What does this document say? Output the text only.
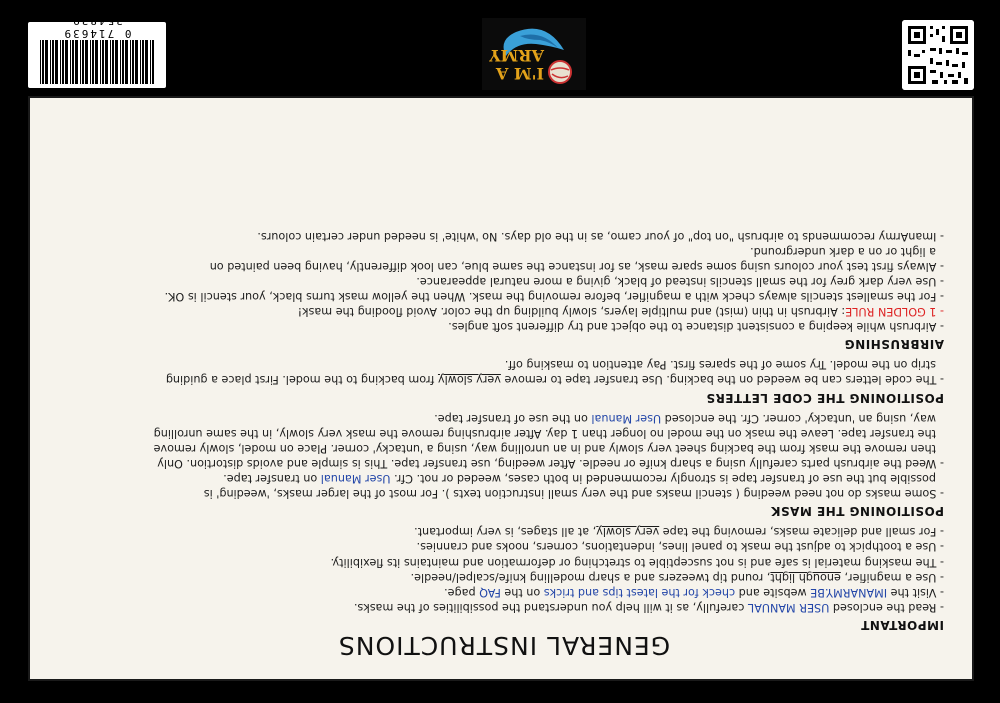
0 714639 354839
I'M A
ARMY
GENERAL INSTRUCTIONS
IMPORTANT

- Read the enclosed USER MANUAL carefully, as it will help you understand the possibilities of the masks.

- Visit the IMANARMY.BE website and check for the latest tips and tricks on the FAQ page.

- Use a magnifier, enough light, round tip tweezers and a sharp modelling knife/scalpel/needle.

- The masking material is safe and is not susceptible to stretching or deformation and maintains its flexibility.

- Use a toothpick to adjust the mask to panel lines, indentations, corners, nooks and crannies.

- For small and delicate masks, removing the tape very slowly, at all stages, is very important.

POSITIONING THE MASK

- Some masks do not need weeding ( stencil masks and the very small instruction texts ). For most of the larger masks, 'weeding' is

possible but the use of transfer tape is strongly recommended in both cases, weeded or not. Cfr. User Manual on transfer tape.

- Weed the airbrush parts carefully using a sharp knife or needle. After weeding, use transfer tape. This is simple and avoids distortion. Only

then remove the mask from the backing sheet very slowly and in an unrolling way, using a 'untacky' corner. Place on model, slowly remove

the transfer tape. Leave the mask on the model no longer than 1 day. After airbrushing remove the mask very slowly, in the same unrolling

way, using an 'untacky' corner. Cfr. the enclosed User Manual on the use of transfer tape.

POSITIONING THE CODE LETTERS

- The code letters can be weeded on the backing. Use transfer tape to remove very slowly from backing to the model. First place a guiding

strip on the model. Try some of the spares first. Pay attention to masking off.

AIRBRUSHING

- Airbrush while keeping a consistent distance to the object and try different soft angles.

- 1 GOLDEN RULE: Airbrush in thin (mist) and multiple layers, slowly building up the color. Avoid flooding the mask!

- For the smallest stencils always check with a magnifier, before removing the mask. When the yellow mask turns black, your stencil is OK.

- Use very dark grey for the small stencils instead of black, giving a more natural appearance.

- Always first test your colours using some spare mask, as for instance the same blue, can look differently, having been painted on

a light or on a dark underground.

- ImanArmy recommends to airbrush "on top" of your camo, as in the old days. No 'white' is needed under certain colours.
